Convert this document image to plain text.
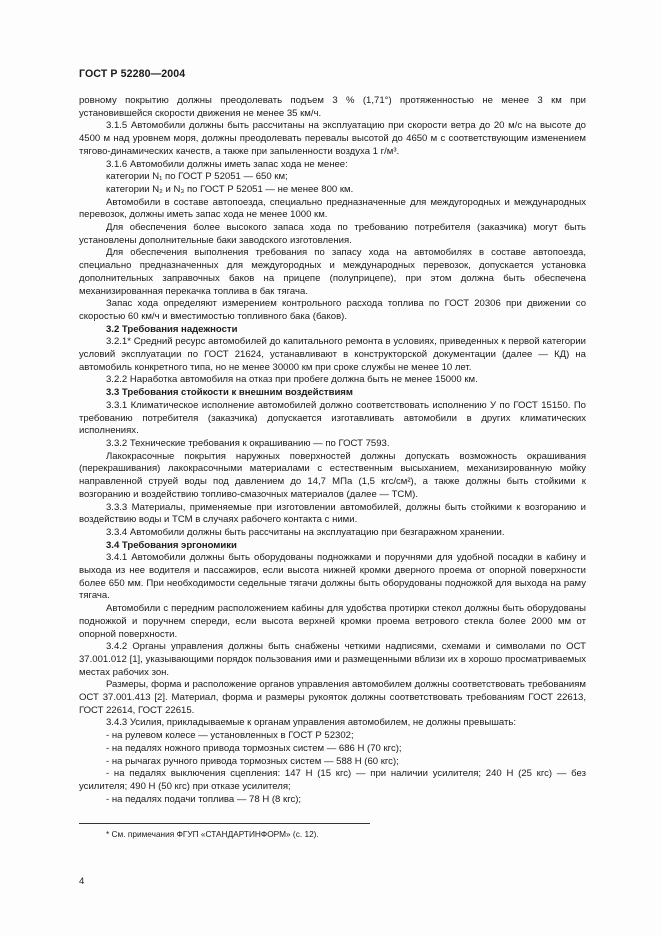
ГОСТ Р 52280—2004

ровному покрытию должны преодолевать подъем 3 % (1,71°) протяженностью не менее 3 км при установившейся скорости движения не менее 35 км/ч.

3.1.5 Автомобили должны быть рассчитаны на эксплуатацию при скорости ветра до 20 м/с на высоте до 4500 м над уровнем моря, должны преодолевать перевалы высотой до 4650 м с соответствующим изменением тягово-динамических качеств, а также при запыленности воздуха 1 г/м³.

3.1.6 Автомобили должны иметь запас хода не менее:

категории N₁ по ГОСТ Р 52051 — 650 км;

категории N₂ и N₃ по ГОСТ Р 52051 — не менее 800 км.

Автомобили в составе автопоезда, специально предназначенные для междугородных и международных перевозок, должны иметь запас хода не менее 1000 км.

Для обеспечения более высокого запаса хода по требованию потребителя (заказчика) могут быть установлены дополнительные баки заводского изготовления.

Для обеспечения выполнения требования по запасу хода на автомобилях в составе автопоезда, специально предназначенных для междугородных и международных перевозок, допускается установка дополнительных заправочных баков на прицепе (полуприцепе), при этом должна быть обеспечена механизированная перекачка топлива в бак тягача.

Запас хода определяют измерением контрольного расхода топлива по ГОСТ 20306 при движении со скоростью 60 км/ч и вместимостью топливного бака (баков).

3.2 Требования надежности

3.2.1* Средний ресурс автомобилей до капитального ремонта в условиях, приведенных к первой категории условий эксплуатации по ГОСТ 21624, устанавливают в конструкторской документации (далее — КД) на автомобиль конкретного типа, но не менее 30000 км при сроке службы не менее 10 лет.

3.2.2 Наработка автомобиля на отказ при пробеге должна быть не менее 15000 км.

3.3 Требования стойкости к внешним воздействиям

3.3.1 Климатическое исполнение автомобилей должно соответствовать исполнению У по ГОСТ 15150. По требованию потребителя (заказчика) допускается изготавливать автомобили в других климатических исполнениях.

3.3.2 Технические требования к окрашиванию — по ГОСТ 7593.

Лакокрасочные покрытия наружных поверхностей должны допускать возможность окрашивания (перекрашивания) лакокрасочными материалами с естественным высыханием, механизированную мойку направленной струей воды под давлением до 14,7 МПа (1,5 кгс/см²), а также должны быть стойкими к возгоранию и воздействию топливо-смазочных материалов (далее — ТСМ).

3.3.3 Материалы, применяемые при изготовлении автомобилей, должны быть стойкими к возгоранию и воздействию воды и ТСМ в случаях рабочего контакта с ними.

3.3.4 Автомобили должны быть рассчитаны на эксплуатацию при безгаражном хранении.

3.4 Требования эргономики

3.4.1 Автомобили должны быть оборудованы подножками и поручнями для удобной посадки в кабину и выхода из нее водителя и пассажиров, если высота нижней кромки дверного проема от опорной поверхности более 650 мм. При необходимости седельные тягачи должны быть оборудованы подножкой для выхода на раму тягача.

Автомобили с передним расположением кабины для удобства протирки стекол должны быть оборудованы подножкой и поручнем спереди, если высота верхней кромки проема ветрового стекла более 2000 мм от опорной поверхности.

3.4.2 Органы управления должны быть снабжены четкими надписями, схемами и символами по ОСТ 37.001.012 [1], указывающими порядок пользования ими и размещенными вблизи их в хорошо просматриваемых местах рабочих зон.

Размеры, форма и расположение органов управления автомобилем должны соответствовать требованиям ОСТ 37.001.413 [2]. Материал, форма и размеры рукояток должны соответствовать требованиям ГОСТ 22613, ГОСТ 22614, ГОСТ 22615.

3.4.3 Усилия, прикладываемые к органам управления автомобилем, не должны превышать:

- на рулевом колесе — установленных в ГОСТ Р 52302;

- на педалях ножного привода тормозных систем — 686 Н (70 кгс);

- на рычагах ручного привода тормозных систем — 588 Н (60 кгс);

- на педалях выключения сцепления: 147 Н (15 кгс) — при наличии усилителя; 240 Н (25 кгс) — без усилителя; 490 Н (50 кгс) при отказе усилителя;

- на педалях подачи топлива — 78 Н (8 кгс);

* См. примечания ФГУП «СТАНДАРТИНФОРМ» (с. 12).
4
